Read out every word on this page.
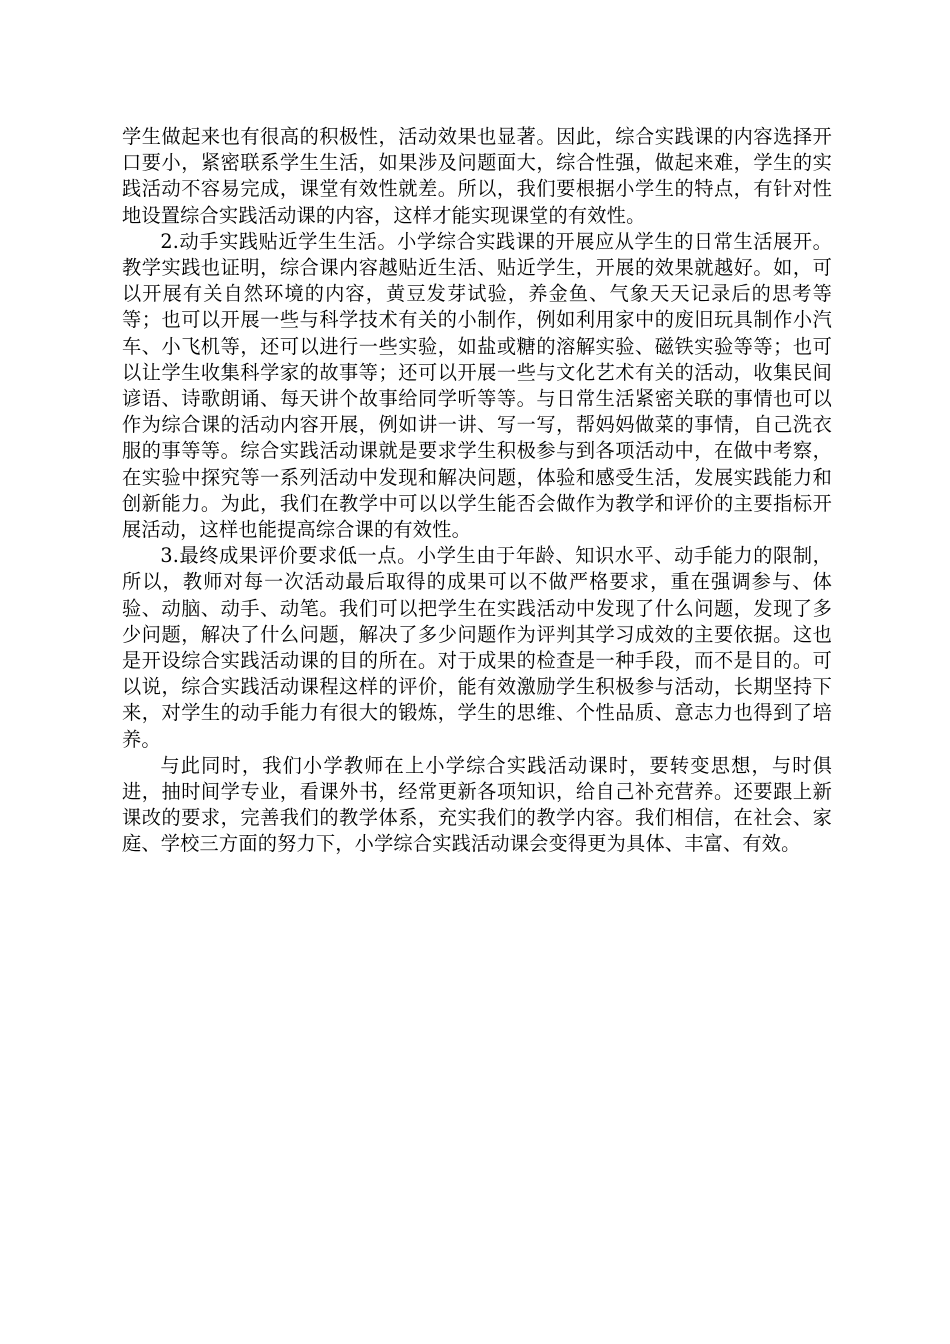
学生做起来也有很高的积极性，活动效果也显著。因此，综合实践课的内容选择开口要小，紧密联系学生生活，如果涉及问题面大，综合性强，做起来难，学生的实践活动不容易完成，课堂有效性就差。所以，我们要根据小学生的特点，有针对性地设置综合实践活动课的内容，这样才能实现课堂的有效性。

2.动手实践贴近学生生活。小学综合实践课的开展应从学生的日常生活展开。教学实践也证明，综合课内容越贴近生活、贴近学生，开展的效果就越好。如，可以开展有关自然环境的内容，黄豆发芽试验，养金鱼、气象天天记录后的思考等等；也可以开展一些与科学技术有关的小制作，例如利用家中的废旧玩具制作小汽车、小飞机等，还可以进行一些实验，如盐或糖的溶解实验、磁铁实验等等；也可以让学生收集科学家的故事等；还可以开展一些与文化艺术有关的活动，收集民间谚语、诗歌朗诵、每天讲个故事给同学听等等。与日常生活紧密关联的事情也可以作为综合课的活动内容开展，例如讲一讲、写一写，帮妈妈做菜的事情，自己洗衣服的事等等。综合实践活动课就是要求学生积极参与到各项活动中，在做中考察，在实验中探究等一系列活动中发现和解决问题，体验和感受生活，发展实践能力和创新能力。为此，我们在教学中可以以学生能否会做作为教学和评价的主要指标开展活动，这样也能提高综合课的有效性。

3.最终成果评价要求低一点。小学生由于年龄、知识水平、动手能力的限制，所以，教师对每一次活动最后取得的成果可以不做严格要求，重在强调参与、体验、动脑、动手、动笔。我们可以把学生在实践活动中发现了什么问题，发现了多少问题，解决了什么问题，解决了多少问题作为评判其学习成效的主要依据。这也是开设综合实践活动课的目的所在。对于成果的检查是一种手段，而不是目的。可以说，综合实践活动课程这样的评价，能有效激励学生积极参与活动，长期坚持下来，对学生的动手能力有很大的锻炼，学生的思维、个性品质、意志力也得到了培养。

与此同时，我们小学教师在上小学综合实践活动课时，要转变思想，与时俱进，抽时间学专业，看课外书，经常更新各项知识，给自己补充营养。还要跟上新课改的要求，完善我们的教学体系，充实我们的教学内容。我们相信，在社会、家庭、学校三方面的努力下，小学综合实践活动课会变得更为具体、丰富、有效。
